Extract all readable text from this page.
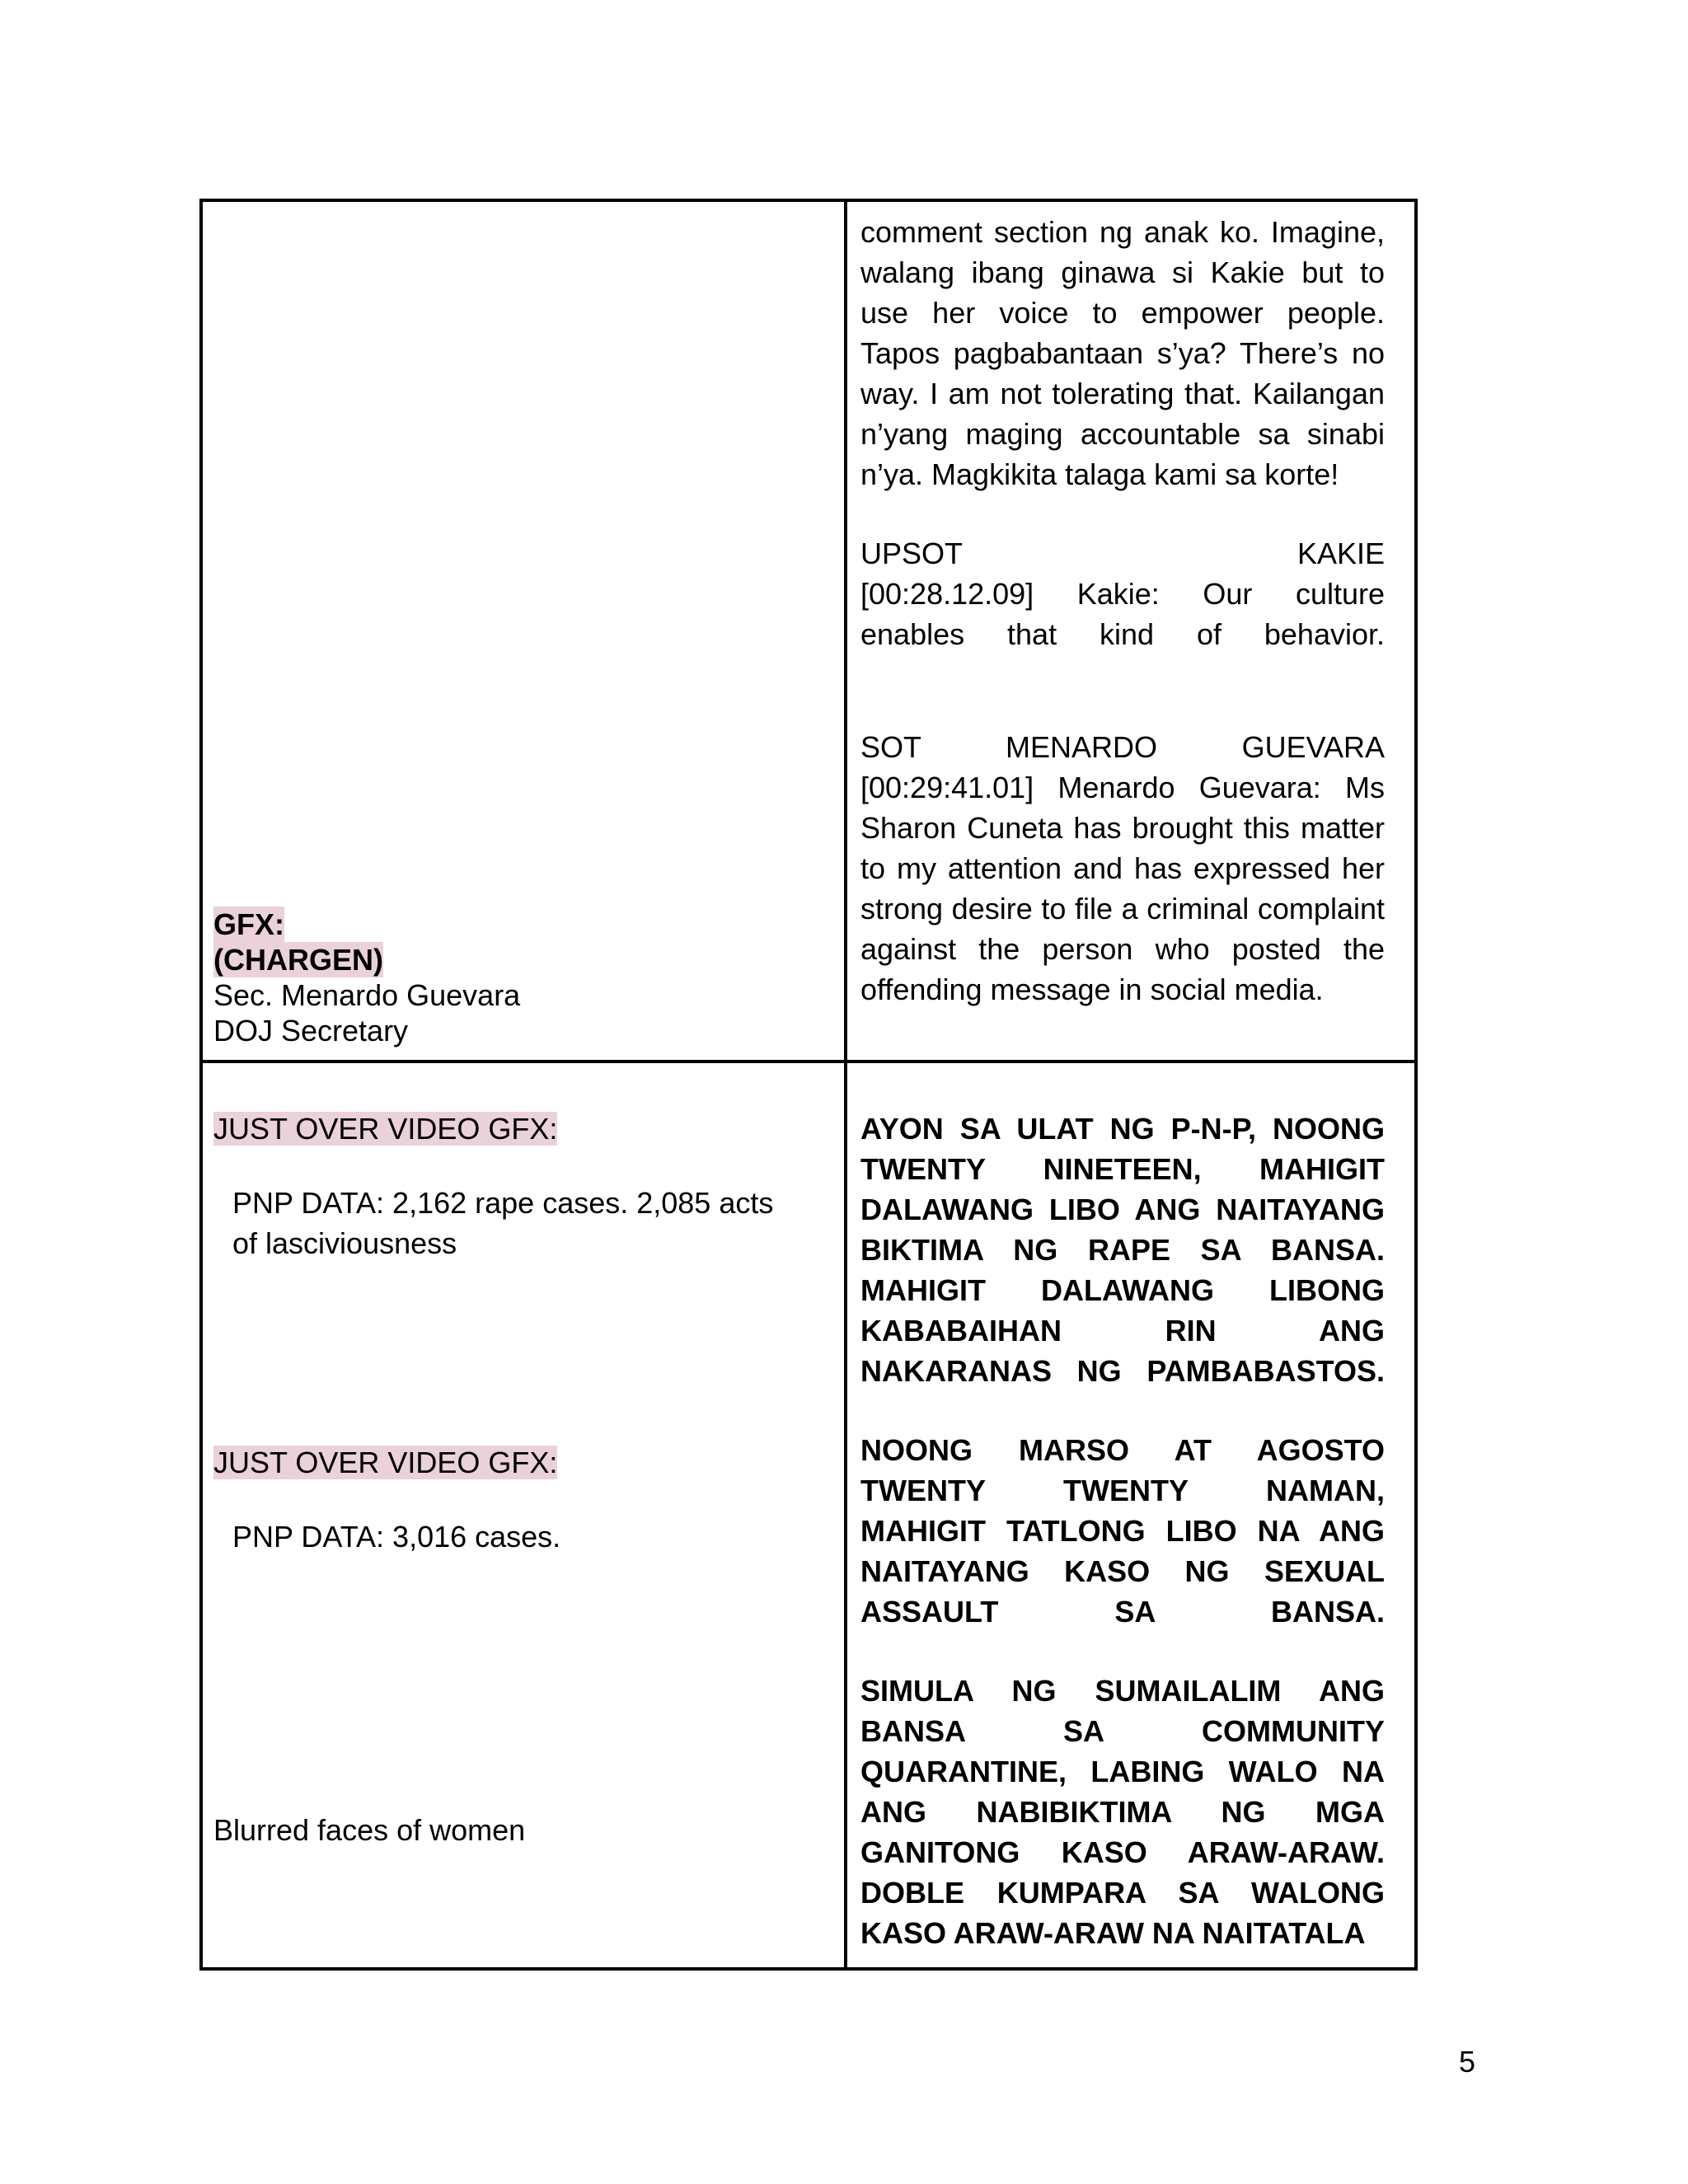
comment section ng anak ko. Imagine,

walang ibang ginawa si Kakie but to

use her voice to empower people.

Tapos pagbabantaan s’ya? There’s no

way. I am not tolerating that. Kailangan

n’yang maging accountable sa sinabi

n’ya. Magkikita talaga kami sa korte!

UPSOT KAKIE

[00:28.12.09] Kakie: Our culture

enables that kind of behavior.

SOT MENARDO GUEVARA

[00:29:41.01] Menardo Guevara: Ms

Sharon Cuneta has brought this matter

to my attention and has expressed her

strong desire to file a criminal complaint

against the person who posted the

offending message in social media.

GFX:
(CHARGEN)
Sec. Menardo Guevara
DOJ Secretary
JUST OVER VIDEO GFX:
PNP DATA: 2,162 rape cases. 2,085 acts
of lasciviousness
JUST OVER VIDEO GFX:
PNP DATA: 3,016 cases.
Blurred faces of women

AYON SA ULAT NG P-N-P, NOONG

TWENTY NINETEEN, MAHIGIT

DALAWANG LIBO ANG NAITAYANG

BIKTIMA NG RAPE SA BANSA.

MAHIGIT DALAWANG LIBONG

KABABAIHAN RIN ANG

NAKARANAS NG PAMBABASTOS.

NOONG MARSO AT AGOSTO

TWENTY TWENTY NAMAN,

MAHIGIT TATLONG LIBO NA ANG

NAITAYANG KASO NG SEXUAL

ASSAULT SA BANSA.

SIMULA NG SUMAILALIM ANG

BANSA SA COMMUNITY

QUARANTINE, LABING WALO NA

ANG NABIBIKTIMA NG MGA

GANITONG KASO ARAW-ARAW.

DOBLE KUMPARA SA WALONG

KASO ARAW-ARAW NA NAITATALA

5
